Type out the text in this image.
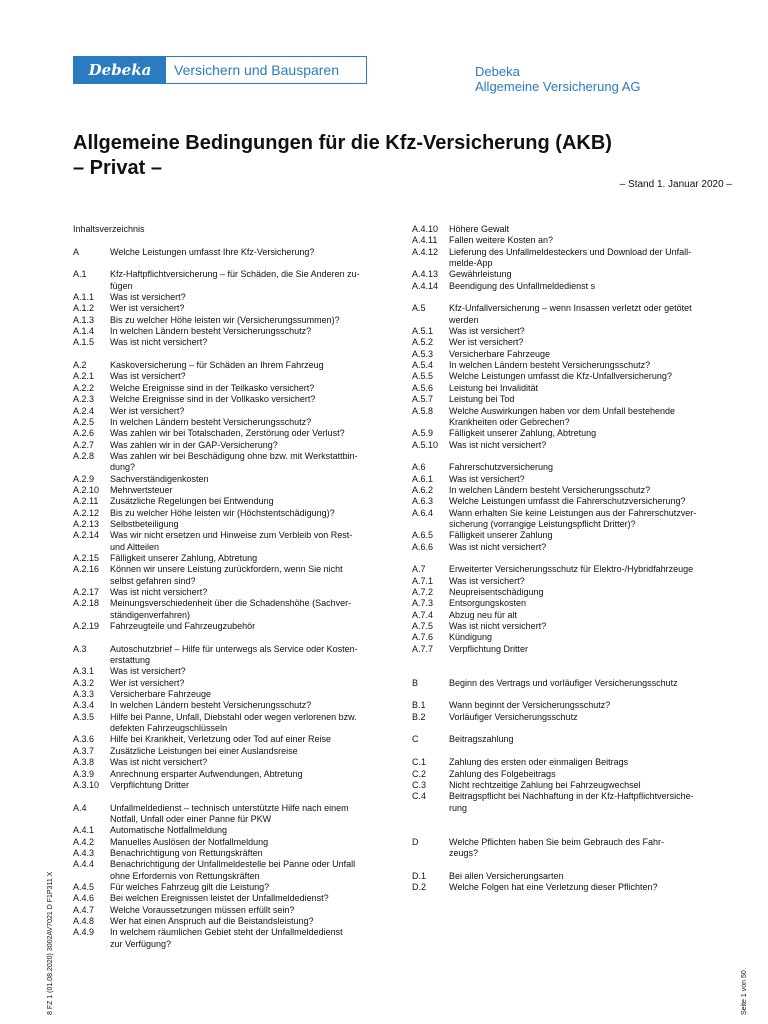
Debeka	Versichern und Bausparen	Debeka
Allgemeine Versicherung AG
Allgemeine Bedingungen für die Kfz-Versicherung (AKB)
– Privat –
– Stand 1. Januar 2020 –
Inhaltsverzeichnis
A	Welche Leistungen umfasst Ihre Kfz-Versicherung?
A.1	Kfz-Haftpflichtversicherung – für Schäden, die Sie Anderen zu-
fügen
A.1.1	Was ist versichert?
A.1.2	Wer ist versichert?
A.1.3	Bis zu welcher Höhe leisten wir (Versicherungssummen)?
A.1.4	In welchen Ländern besteht Versicherungsschutz?
A.1.5	Was ist nicht versichert?
A.2	Kaskoversicherung – für Schäden an Ihrem Fahrzeug
A.2.1	Was ist versichert?
A.2.2	Welche Ereignisse sind in der Teilkasko versichert?
A.2.3	Welche Ereignisse sind in der Vollkasko versichert?
A.2.4	Wer ist versichert?
A.2.5	In welchen Ländern besteht Versicherungsschutz?
A.2.6	Was zahlen wir bei Totalschaden, Zerstörung oder Verlust?
A.2.7	Was zahlen wir in der GAP-Versicherung?
A.2.8	Was zahlen wir bei Beschädigung ohne bzw. mit Werkstattbin-
dung?
A.2.9	Sachverständigenkosten
A.2.10	Mehrwertsteuer
A.2.11	Zusätzliche Regelungen bei Entwendung
A.2.12	Bis zu welcher Höhe leisten wir (Höchstentschädigung)?
A.2.13	Selbstbeteiligung
A.2.14	Was wir nicht ersetzen und Hinweise zum Verbleib von Rest-
und Altteilen
A.2.15	Fälligkeit unserer Zahlung, Abtretung
A.2.16	Können wir unsere Leistung zurückfordern, wenn Sie nicht
selbst gefahren sind?
A.2.17	Was ist nicht versichert?
A.2.18	Meinungsverschiedenheit über die Schadenshöhe (Sachver-
ständigenverfahren)
A.2.19	Fahrzeugteile und Fahrzeugzubehör
A.3	Autoschutzbrief – Hilfe für unterwegs als Service oder Kosten-
erstattung
A.3.1	Was ist versichert?
A.3.2	Wer ist versichert?
A.3.3	Versicherbare Fahrzeuge
A.3.4	In welchen Ländern besteht Versicherungsschutz?
A.3.5	Hilfe bei Panne, Unfall, Diebstahl oder wegen verlorenen bzw.
defekten Fahrzeugschlüsseln
A.3.6	Hilfe bei Krankheit, Verletzung oder Tod auf einer Reise
A.3.7	Zusätzliche Leistungen bei einer Auslandsreise
A.3.8	Was ist nicht versichert?
A.3.9	Anrechnung ersparter Aufwendungen, Abtretung
A.3.10	Verpflichtung Dritter
A.4	Unfallmeldedienst – technisch unterstützte Hilfe nach einem
Notfall, Unfall oder einer Panne für PKW
A.4.1	Automatische Notfallmeldung
A.4.2	Manuelles Auslösen der Notfallmeldung
A.4.3	Benachrichtigung von Rettungskräften
A.4.4	Benachrichtigung der Unfallmeldestelle bei Panne oder Unfall
ohne Erfordernis von Rettungskräften
A.4.5	Für welches Fahrzeug gilt die Leistung?
A.4.6	Bei welchen Ereignissen leistet der Unfallmeldedienst?
A.4.7	Welche Voraussetzungen müssen erfüllt sein?
A.4.8	Wer hat einen Anspruch auf die Beistandsleistung?
A.4.9	In welchem räumlichen Gebiet steht der Unfallmeldedienst
zur Verfügung?
A.4.10	Höhere Gewalt
A.4.11	Fallen weitere Kosten an?
A.4.12	Lieferung des Unfallmeldesteckers und Download der Unfall-
melde-App
A.4.13	Gewährleistung
A.4.14	Beendigung des Unfallmeldedienst s
A.5	Kfz-Unfallversicherung – wenn Insassen verletzt oder getötet
werden
A.5.1	Was ist versichert?
A.5.2	Wer ist versichert?
A.5.3	Versicherbare Fahrzeuge
A.5.4	In welchen Ländern besteht Versicherungsschutz?
A.5.5	Welche Leistungen umfasst die Kfz-Unfallversicherung?
A.5.6	Leistung bei Invalidität
A.5.7	Leistung bei Tod
A.5.8	Welche Auswirkungen haben vor dem Unfall bestehende
Krankheiten oder Gebrechen?
A.5.9	Fälligkeit unserer Zahlung, Abtretung
A.5.10	Was ist nicht versichert?
A.6	Fahrerschutzversicherung
A.6.1	Was ist versichert?
A.6.2	In welchen Ländern besteht Versicherungsschutz?
A.6.3	Welche Leistungen umfasst die Fahrerschutzversicherung?
A.6.4	Wann erhalten Sie keine Leistungen aus der Fahrerschutzver-
sicherung (vorrangige Leistungspflicht Dritter)?
A.6.5	Fälligkeit unserer Zahlung
A.6.6	Was ist nicht versichert?
A.7	Erweiterter Versicherungsschutz für Elektro-/Hybridfahrzeuge
A.7.1	Was ist versichert?
A.7.2	Neupreisentschädigung
A.7.3	Entsorgungskosten
A.7.4	Abzug neu für alt
A.7.5	Was ist nicht versichert?
A.7.6	Kündigung
A.7.7	Verpflichtung Dritter
B	Beginn des Vertrags und vorläufiger Versicherungsschutz
B.1	Wann beginnt der Versicherungsschutz?
B.2	Vorläufiger Versicherungsschutz
C	Beitragszahlung
C.1	Zahlung des ersten oder einmaligen Beitrags
C.2	Zahlung des Folgebeitrags
C.3	Nicht rechtzeitige Zahlung bei Fahrzeugwechsel
C.4	Beitragspflicht bei Nachhaftung in der Kfz-Haftpflichtversiche-
rung
D	Welche Pflichten haben Sie beim Gebrauch des Fahr-
zeugs?
D.1	Bei allen Versicherungsarten
D.2	Welche Folgen hat eine Verletzung dieser Pflichten?
8 FZ 1 (01.08.2020) 3002AV7021 D F1P311 X	Seite 1 von 50
